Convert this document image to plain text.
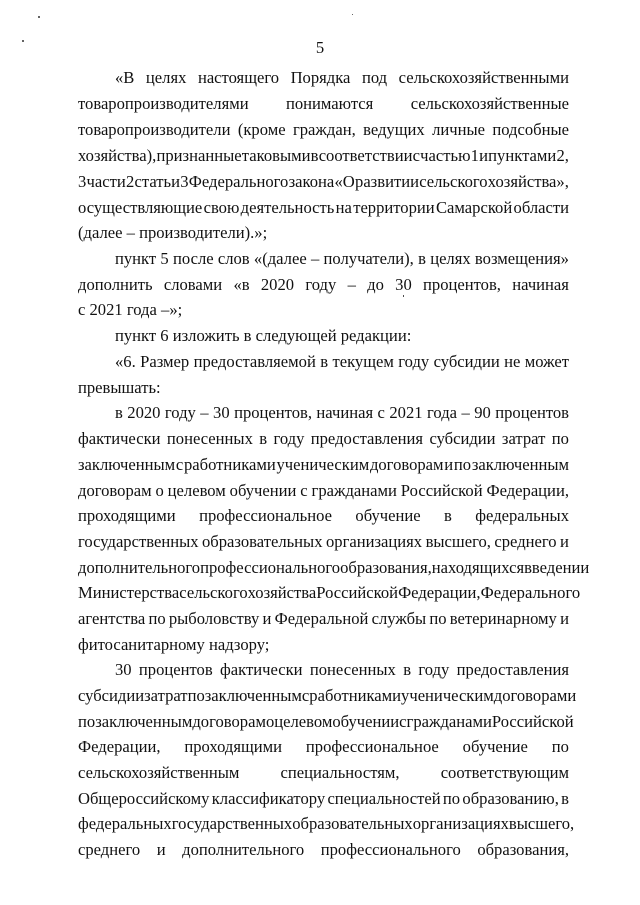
5
«В целях настоящего Порядка под сельскохозяйственными
товаропроизводителями понимаются сельскохозяйственные
товаропроизводители (кроме граждан, ведущих личные подсобные
хозяйства), признанные таковыми в соответствии с частью 1 и пунктами 2,
3 части 2 статьи 3 Федерального закона «О развитии сельского хозяйства»,
осуществляющие свою деятельность на территории Самарской области
(далее – производители).»;
пункт 5 после слов «(далее – получатели), в целях возмещения»
дополнить словами «в 2020 году – до 30 процентов, начиная
с 2021 года –»;
пункт 6 изложить в следующей редакции:
«6. Размер предоставляемой в текущем году субсидии не может
превышать:
в 2020 году – 30 процентов, начиная с 2021 года – 90 процентов
фактически понесенных в году предоставления субсидии затрат по
заключенным с работниками ученическим договорам и по заключенным
договорам о целевом обучении с гражданами Российской Федерации,
проходящими профессиональное обучение в федеральных
государственных образовательных организациях высшего, среднего и
дополнительного профессионального образования, находящихся в ведении
Министерства сельского хозяйства Российской Федерации, Федерального
агентства по рыболовству и Федеральной службы по ветеринарному и
фитосанитарному надзору;
30 процентов фактически понесенных в году предоставления
субсидии затрат по заключенным с работниками ученическим договорам и
по заключенным договорам о целевом обучении с гражданами Российской
Федерации, проходящими профессиональное обучение по
сельскохозяйственным специальностям, соответствующим
Общероссийскому классификатору специальностей по образованию, в
федеральных государственных образовательных организациях высшего,
среднего и дополнительного профессионального образования,
